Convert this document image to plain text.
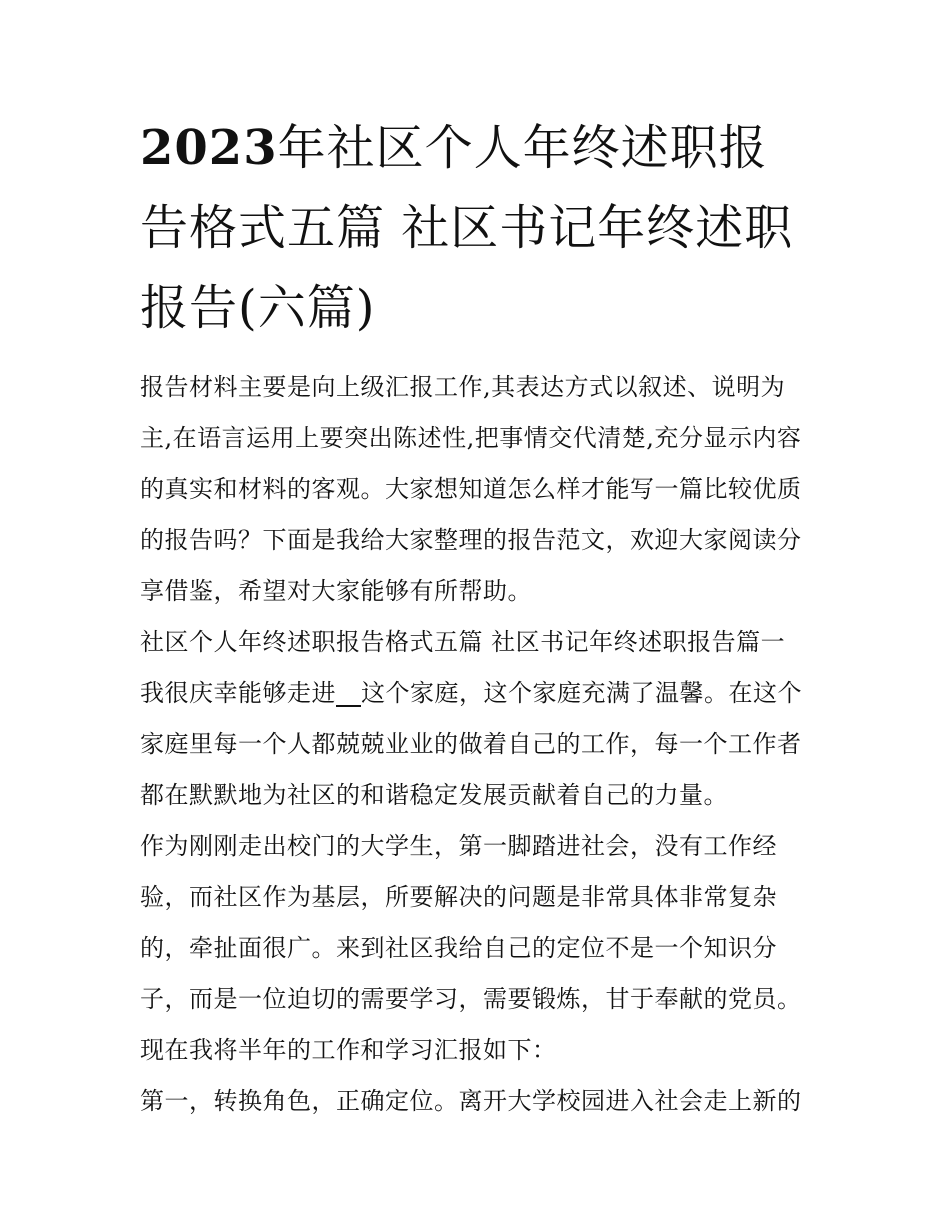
2023年社区个人年终述职报告格式五篇 社区书记年终述职报告(六篇)

报告材料主要是向上级汇报工作,其表达方式以叙述、说明为主,在语言运用上要突出陈述性,把事情交代清楚,充分显示内容的真实和材料的客观。大家想知道怎么样才能写一篇比较优质的报告吗？下面是我给大家整理的报告范文，欢迎大家阅读分享借鉴，希望对大家能够有所帮助。

社区个人年终述职报告格式五篇 社区书记年终述职报告篇一

我很庆幸能够走进__这个家庭，这个家庭充满了温馨。在这个家庭里每一个人都兢兢业业的做着自己的工作，每一个工作者都在默默地为社区的和谐稳定发展贡献着自己的力量。

作为刚刚走出校门的大学生，第一脚踏进社会，没有工作经验，而社区作为基层，所要解决的问题是非常具体非常复杂的，牵扯面很广。来到社区我给自己的定位不是一个知识分子，而是一位迫切的需要学习，需要锻炼，甘于奉献的党员。现在我将半年的工作和学习汇报如下：

第一，转换角色，正确定位。离开大学校园进入社会走上新的
